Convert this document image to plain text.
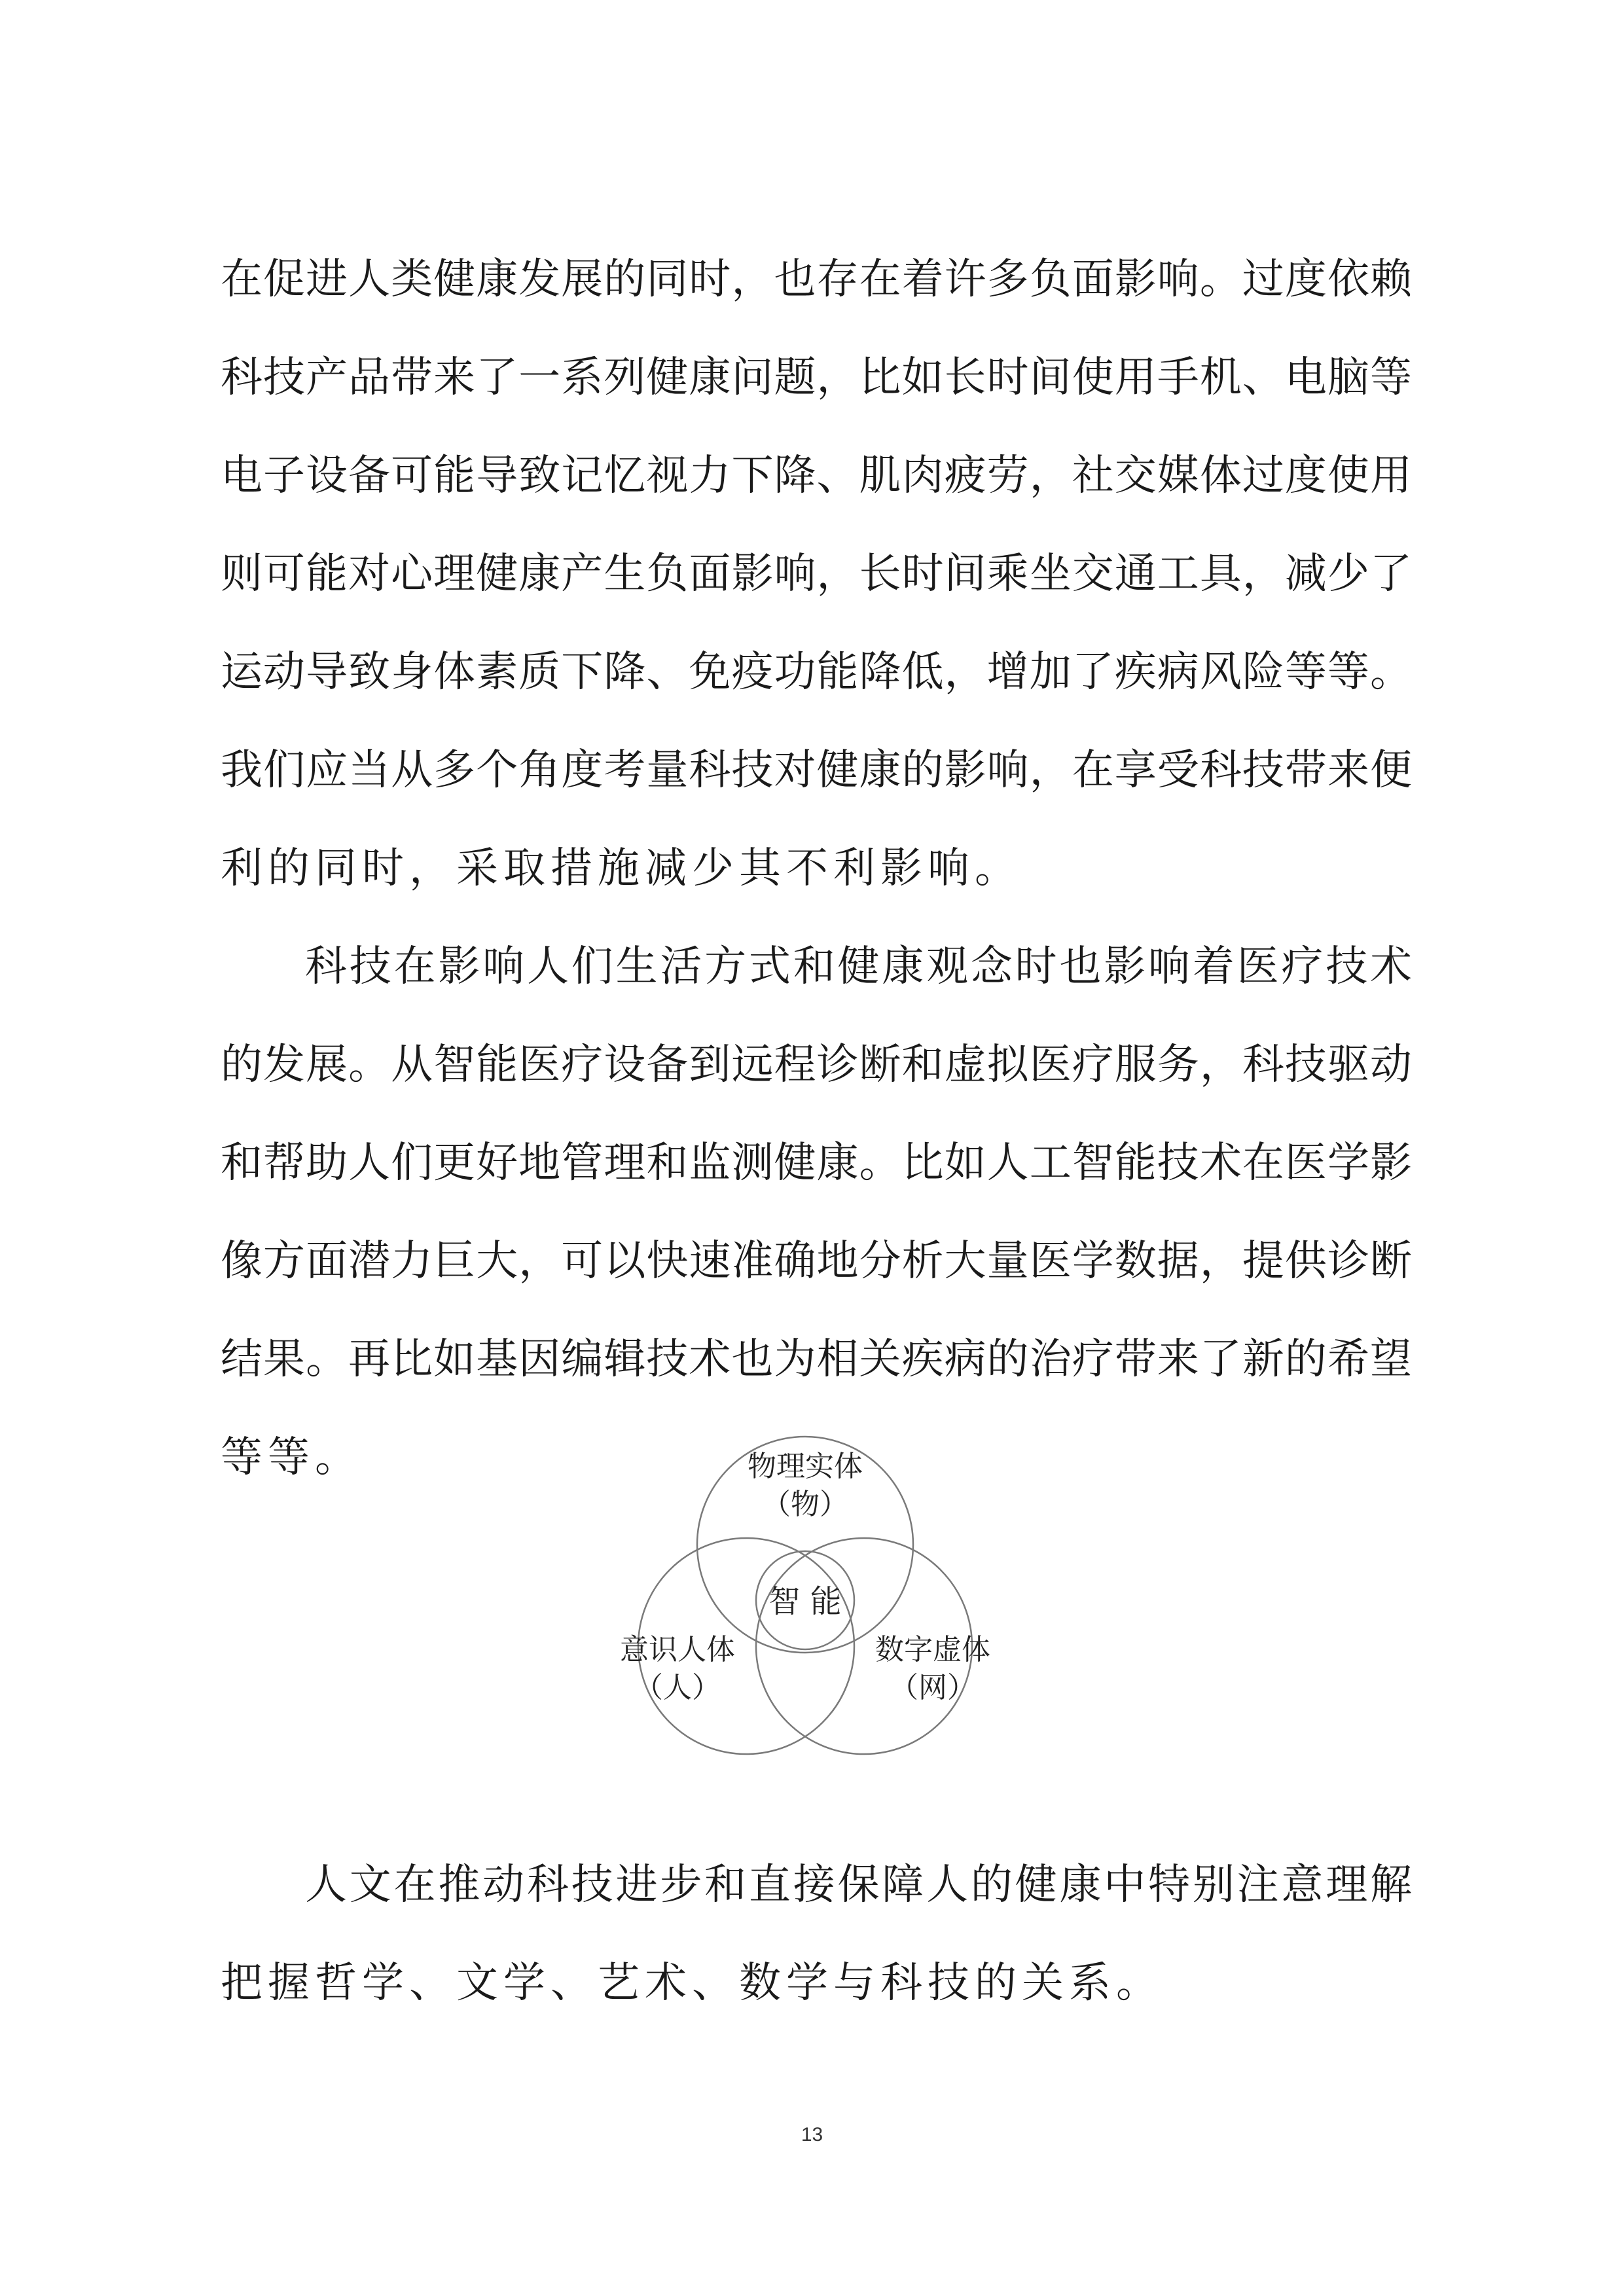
在促进人类健康发展的同时，也存在着许多负面影响。过度依赖
科技产品带来了一系列健康问题，比如长时间使用手机、电脑等
电子设备可能导致记忆视力下降、肌肉疲劳，社交媒体过度使用
则可能对心理健康产生负面影响，长时间乘坐交通工具，减少了
运动导致身体素质下降、免疫功能降低，增加了疾病风险等等。
我们应当从多个角度考量科技对健康的影响，在享受科技带来便
利的同时，采取措施减少其不利影响。
科技在影响人们生活方式和健康观念时也影响着医疗技术
的发展。从智能医疗设备到远程诊断和虚拟医疗服务，科技驱动
和帮助人们更好地管理和监测健康。比如人工智能技术在医学影
像方面潜力巨大，可以快速准确地分析大量医学数据，提供诊断
结果。再比如基因编辑技术也为相关疾病的治疗带来了新的希望
等等。	物理实体
（物）
智 能
意识人体
（人）
数字虚体
（网）
人文在推动科技进步和直接保障人的健康中特别注意理解
把握哲学、文学、艺术、数学与科技的关系。
13
